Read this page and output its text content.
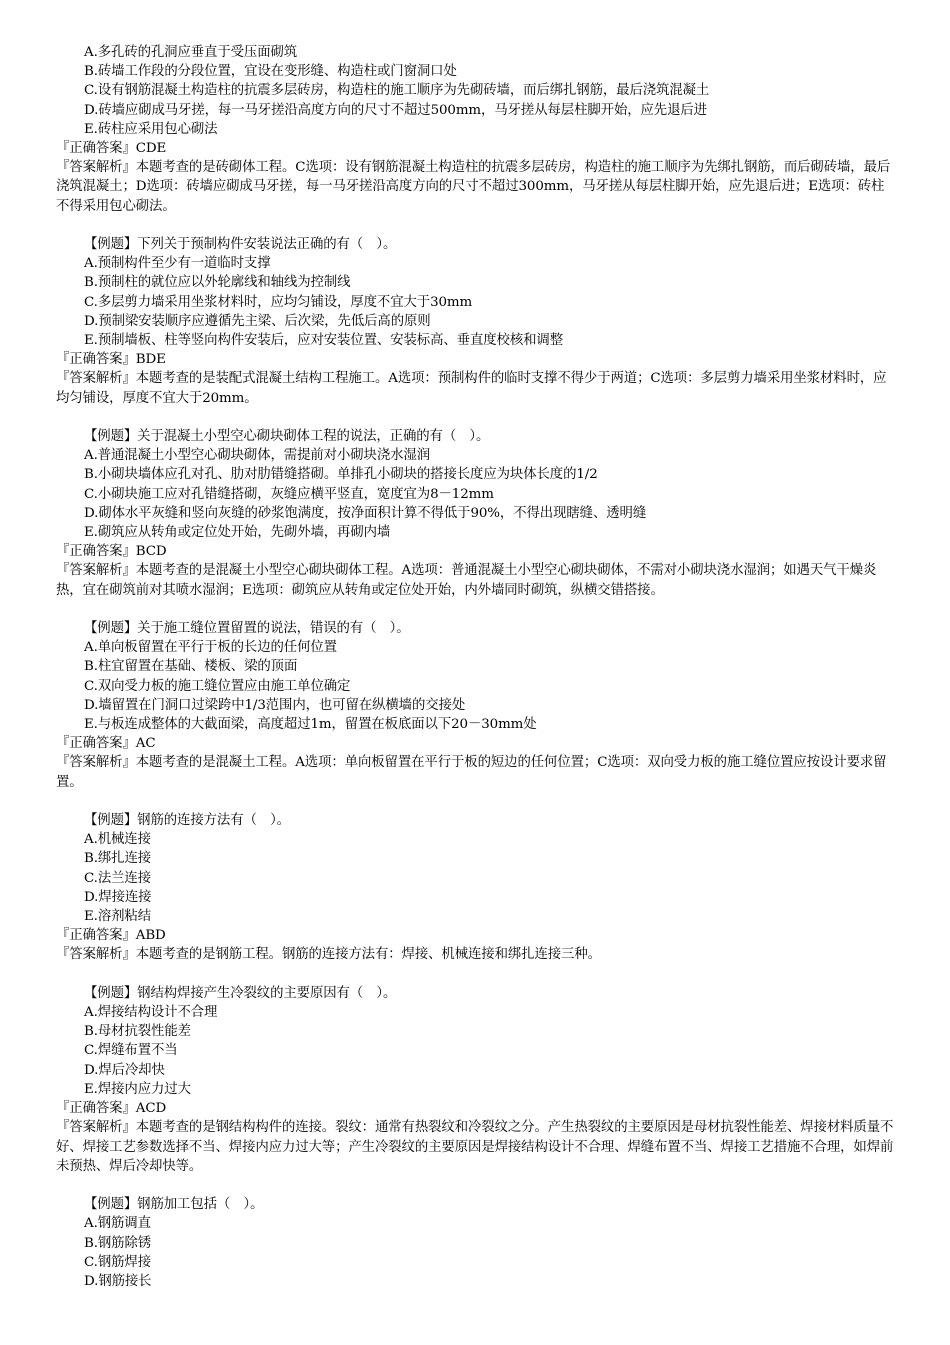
A.多孔砖的孔洞应垂直于受压面砌筑
B.砖墙工作段的分段位置，宜设在变形缝、构造柱或门窗洞口处
C.设有钢筋混凝土构造柱的抗震多层砖房，构造柱的施工顺序为先砌砖墙，而后绑扎钢筋，最后浇筑混凝土
D.砖墙应砌成马牙搓，每一马牙搓沿高度方向的尺寸不超过500mm，马牙搓从每层柱脚开始，应先退后进
E.砖柱应采用包心砌法
『正确答案』CDE
『答案解析』本题考查的是砖砌体工程。C选项：设有钢筋混凝土构造柱的抗震多层砖房，构造柱的施工顺序为先绑扎钢筋，而后砌砖墙，最后浇筑混凝土；D选项：砖墙应砌成马牙搓，每一马牙搓沿高度方向的尺寸不超过300mm，马牙搓从每层柱脚开始，应先退后进；E选项：砖柱不得采用包心砌法。
【例题】下列关于预制构件安装说法正确的有（　）。
A.预制构件至少有一道临时支撑
B.预制柱的就位应以外轮廓线和轴线为控制线
C.多层剪力墙采用坐浆材料时，应均匀铺设，厚度不宜大于30mm
D.预制梁安装顺序应遵循先主梁、后次梁，先低后高的原则
E.预制墙板、柱等竖向构件安装后，应对安装位置、安装标高、垂直度校核和调整
『正确答案』BDE
『答案解析』本题考查的是装配式混凝土结构工程施工。A选项：预制构件的临时支撑不得少于两道；C选项：多层剪力墙采用坐浆材料时，应均匀铺设，厚度不宜大于20mm。
【例题】关于混凝土小型空心砌块砌体工程的说法，正确的有（　）。
A.普通混凝土小型空心砌块砌体，需提前对小砌块浇水湿润
B.小砌块墙体应孔对孔、肋对肋错缝搭砌。单排孔小砌块的搭接长度应为块体长度的1/2
C.小砌块施工应对孔错缝搭砌，灰缝应横平竖直，宽度宜为8－12mm
D.砌体水平灰缝和竖向灰缝的砂浆饱满度，按净面积计算不得低于90%，不得出现瞎缝、透明缝
E.砌筑应从转角或定位处开始，先砌外墙，再砌内墙
『正确答案』BCD
『答案解析』本题考查的是混凝土小型空心砌块砌体工程。A选项：普通混凝土小型空心砌块砌体，不需对小砌块浇水湿润；如遇天气干燥炎热，宜在砌筑前对其喷水湿润；E选项：砌筑应从转角或定位处开始，内外墙同时砌筑，纵横交错搭接。
【例题】关于施工缝位置留置的说法，错误的有（　）。
A.单向板留置在平行于板的长边的任何位置
B.柱宜留置在基础、楼板、梁的顶面
C.双向受力板的施工缝位置应由施工单位确定
D.墙留置在门洞口过梁跨中1/3范围内，也可留在纵横墙的交接处
E.与板连成整体的大截面梁，高度超过1m，留置在板底面以下20－30mm处
『正确答案』AC
『答案解析』本题考查的是混凝土工程。A选项：单向板留置在平行于板的短边的任何位置；C选项：双向受力板的施工缝位置应按设计要求留置。
【例题】钢筋的连接方法有（　）。
A.机械连接
B.绑扎连接
C.法兰连接
D.焊接连接
E.溶剂粘结
『正确答案』ABD
『答案解析』本题考查的是钢筋工程。钢筋的连接方法有：焊接、机械连接和绑扎连接三种。
【例题】钢结构焊接产生冷裂纹的主要原因有（　）。
A.焊接结构设计不合理
B.母材抗裂性能差
C.焊缝布置不当
D.焊后冷却快
E.焊接内应力过大
『正确答案』ACD
『答案解析』本题考查的是钢结构构件的连接。裂纹：通常有热裂纹和冷裂纹之分。产生热裂纹的主要原因是母材抗裂性能差、焊接材料质量不好、焊接工艺参数选择不当、焊接内应力过大等；产生冷裂纹的主要原因是焊接结构设计不合理、焊缝布置不当、焊接工艺措施不合理，如焊前未预热、焊后冷却快等。
【例题】钢筋加工包括（　）。
A.钢筋调直
B.钢筋除锈
C.钢筋焊接
D.钢筋接长
